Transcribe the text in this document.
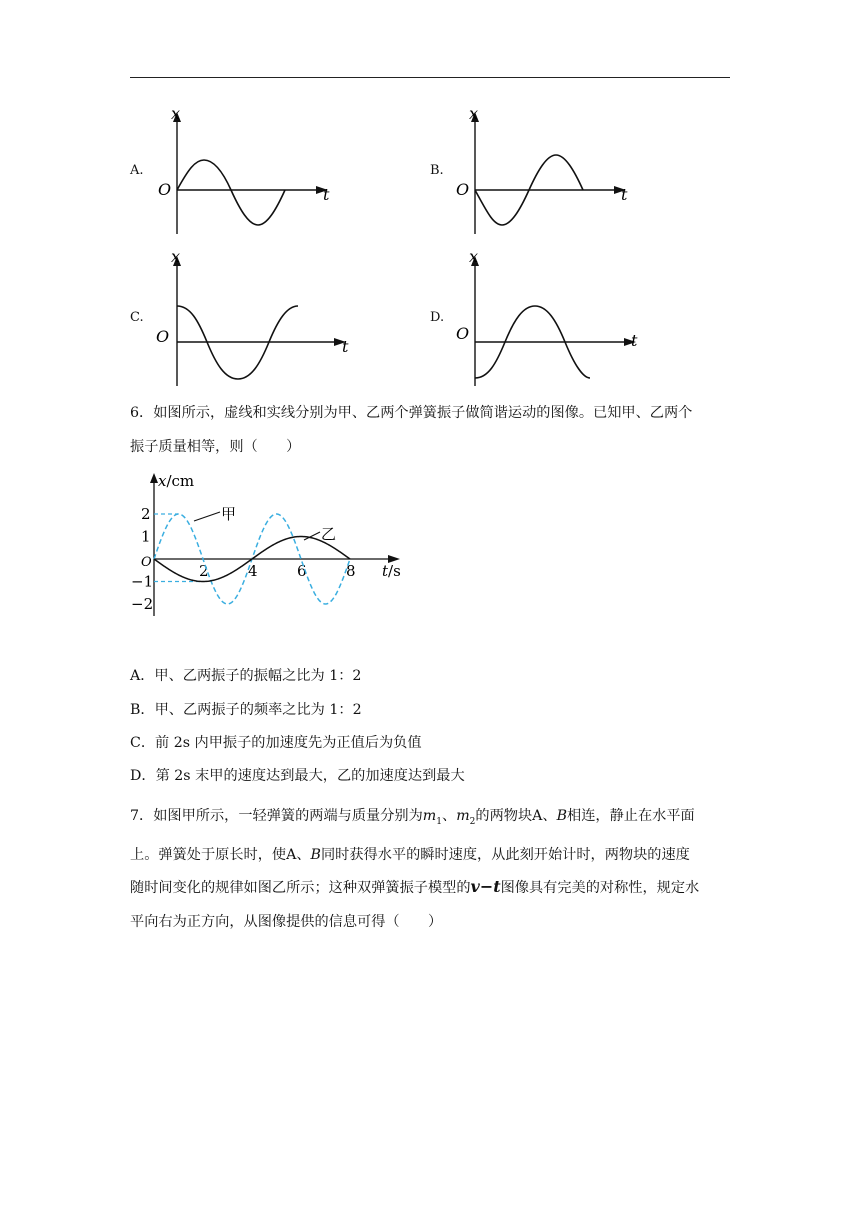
A.
x
t
O
B.
x
t
O
C.
x
t
O
D.
x
t
O
6．如图所示，虚线和实线分别为甲、乙两个弹簧振子做简谐运动的图像。已知甲、乙两个
振子质量相等，则（　　）
x/cm
t/s
O
甲
乙
2	4	6	8
2
1
−1
−2
A．甲、乙两振子的振幅之比为 1：2
B．甲、乙两振子的频率之比为 1：2
C．前 2s 内甲振子的加速度先为正值后为负值
D．第 2s 末甲的速度达到最大，乙的加速度达到最大
7．如图甲所示，一轻弹簧的两端与质量分别为$m_1$、$m_2$的两物块A、B相连，静止在水平面
上。弹簧处于原长时，使A、B同时获得水平的瞬时速度，从此刻开始计时，两物块的速度
随时间变化的规律如图乙所示；这种双弹簧振子模型的v−t图像具有完美的对称性，规定水
平向右为正方向，从图像提供的信息可得（　　）
